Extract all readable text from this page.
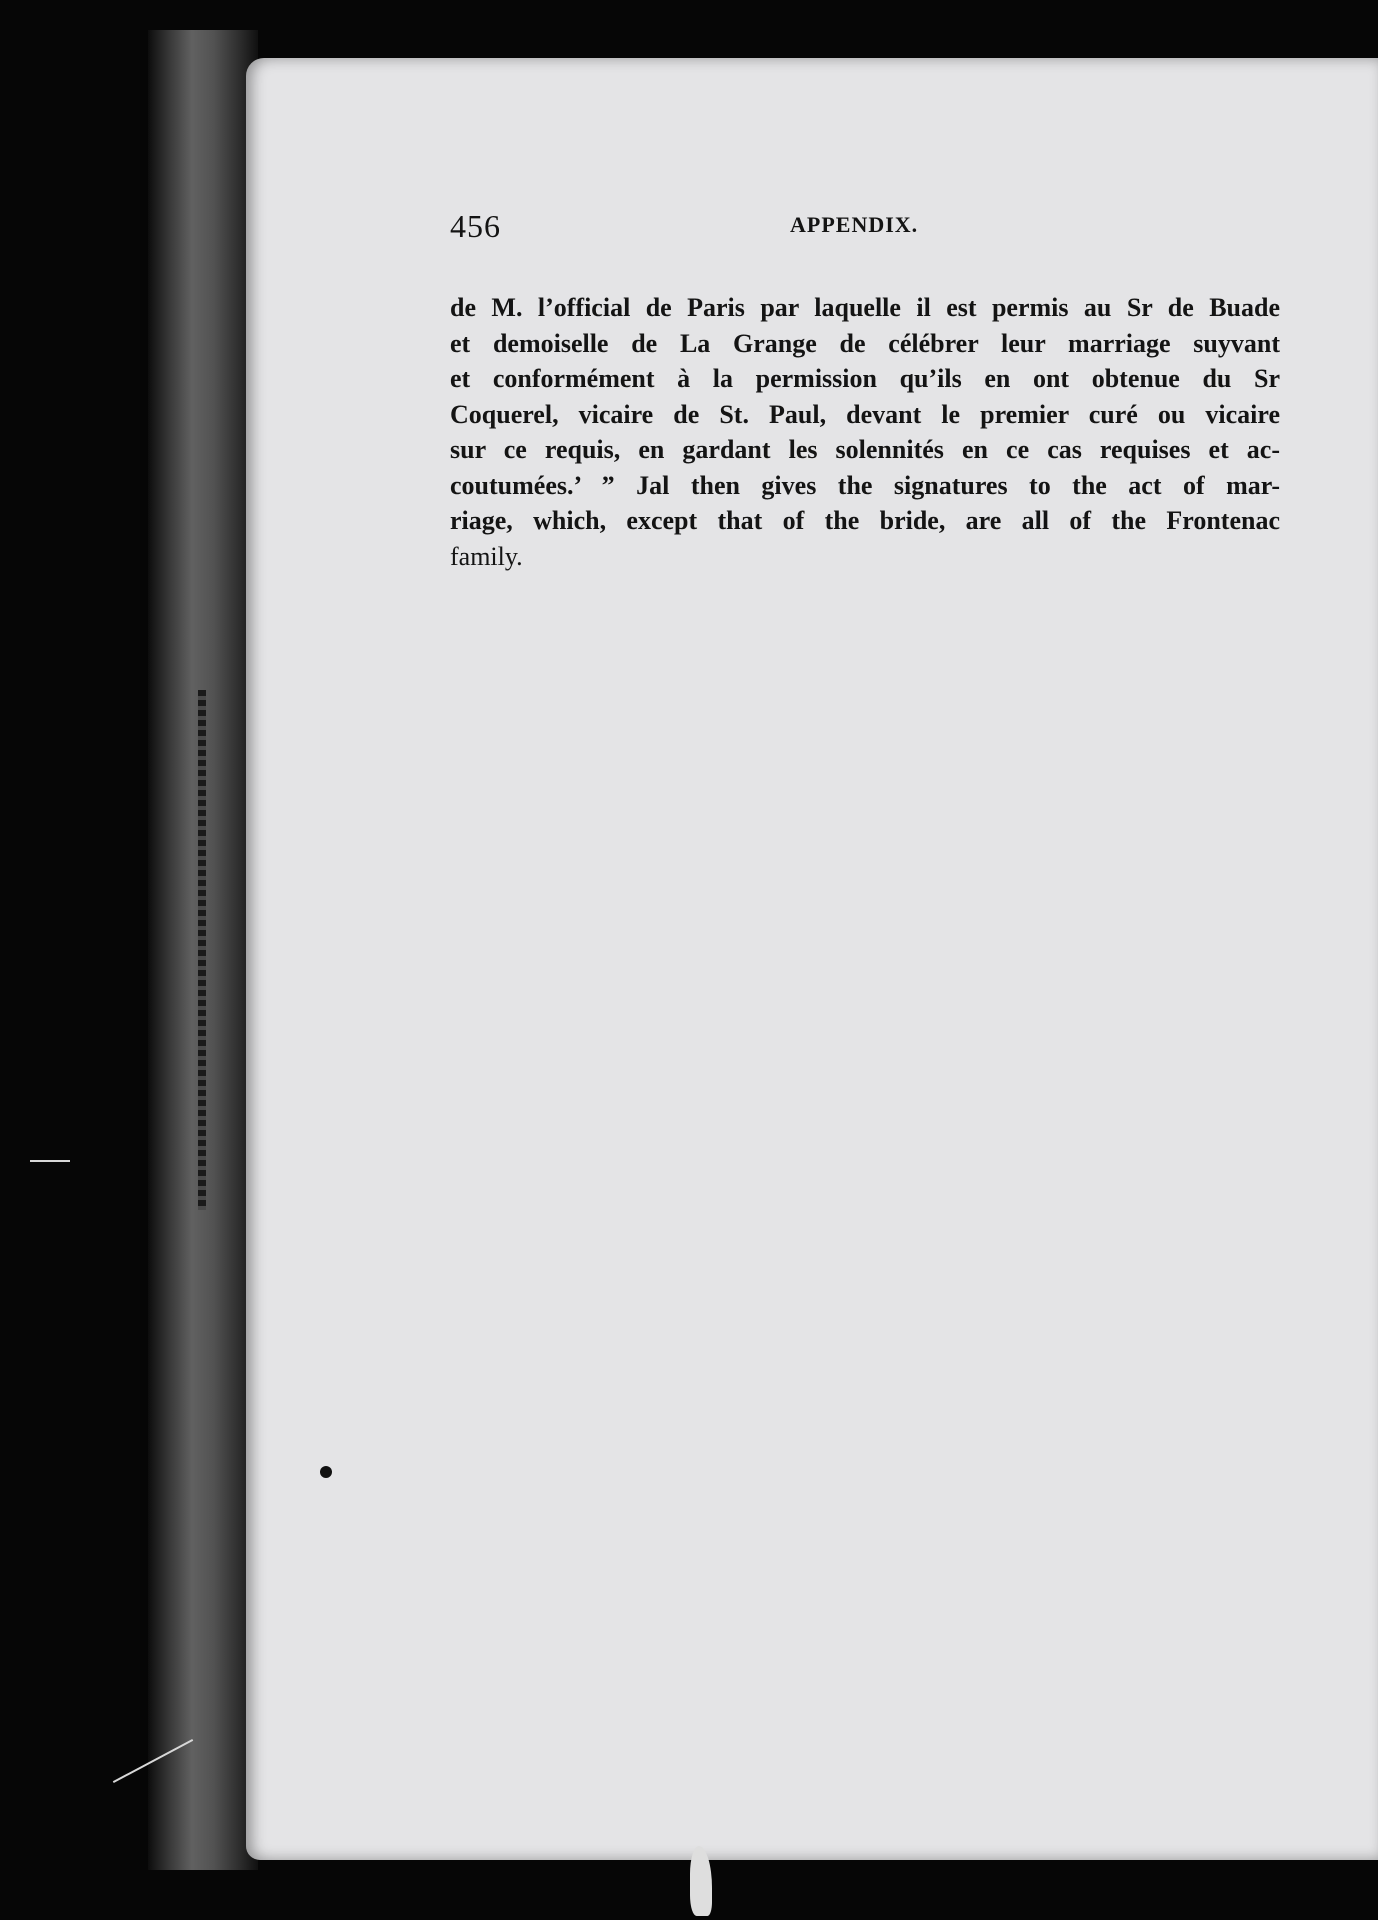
456	APPENDIX.
de M. l’official de Paris par laquelle il est permis au Sr de Buade
et demoiselle de La Grange de célébrer leur marriage suyvant
et conformément à la permission qu’ils en ont obtenue du Sr
Coquerel, vicaire de St. Paul, devant le premier curé ou vicaire
sur ce requis, en gardant les solennités en ce cas requises et ac-
coutumées.’ ” Jal then gives the signatures to the act of mar-
riage, which, except that of the bride, are all of the Frontenac
family.
